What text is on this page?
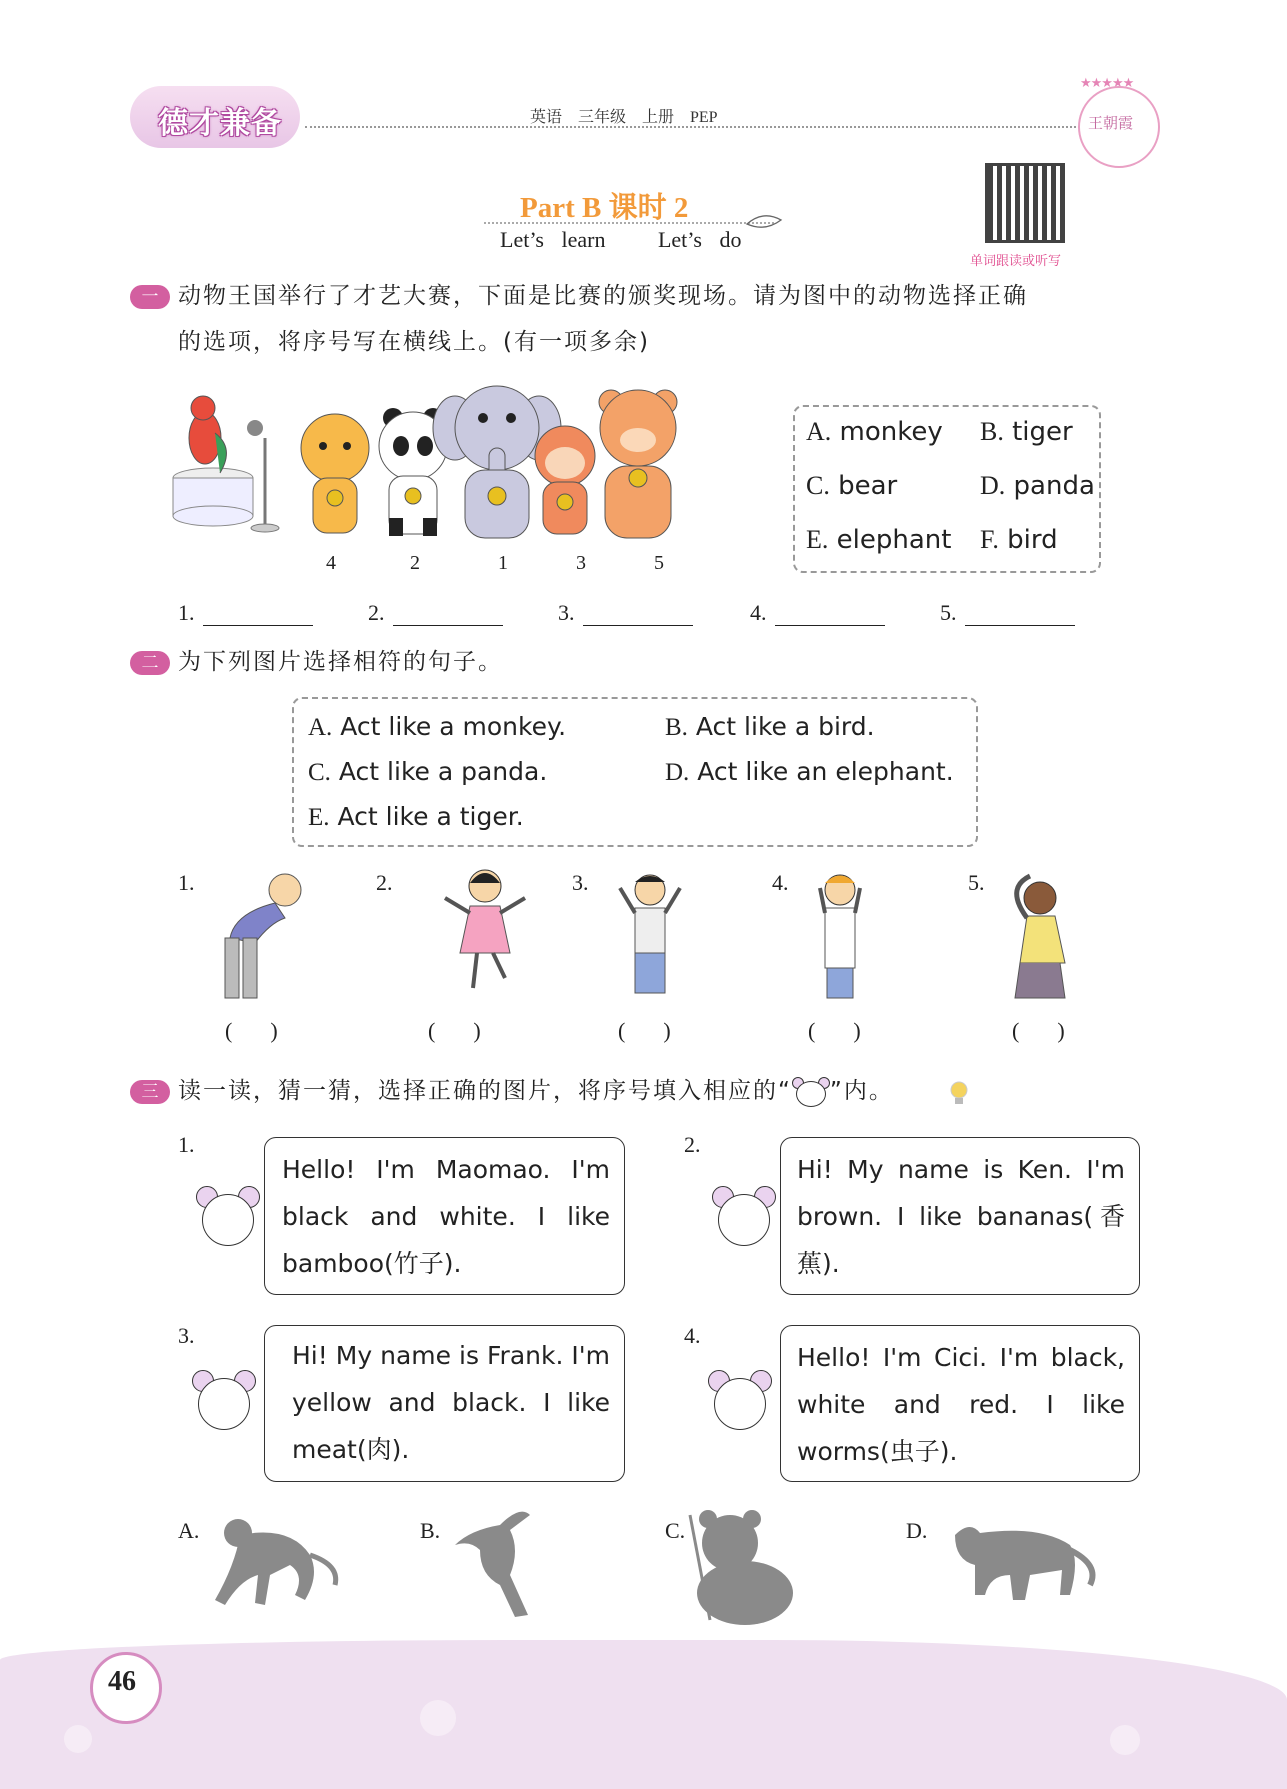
德才兼备	英语　三年级　上册　PEP
★★★★★
王朝霞
Part B 课时 2
Let’s learn   Let’s do
单词跟读或听写
一 动物王国举行了才艺大赛，下面是比赛的颁奖现场。请为图中的动物选择正确
的选项，将序号写在横线上。(有一项多余)
4	2	1	3	5
A. monkey B. tiger
C. bear	D. panda
E. elephant F. bird
1.	2.	3.	4.	5.
二 为下列图片选择相符的句子。
A. Act like a monkey.	B. Act like a bird.
C. Act like a panda.	D. Act like an elephant.
E. Act like a tiger.
1.	2.	3.	4.	5.
()	()	()	()	()
三 读一读，猜一猜，选择正确的图片，将序号填入相应的“ ”内。
1.
Hello! I'm Maomao. I'm black and white. I like bamboo(竹子).
2.
Hi! My name is Ken. I'm brown. I like bananas(香蕉).
3.
Hi! My name is Frank. I'm yellow and black. I like meat(肉).
4.
Hello! I'm Cici. I'm black, white and red. I like worms(虫子).
A.	B.	C.	D.
46
